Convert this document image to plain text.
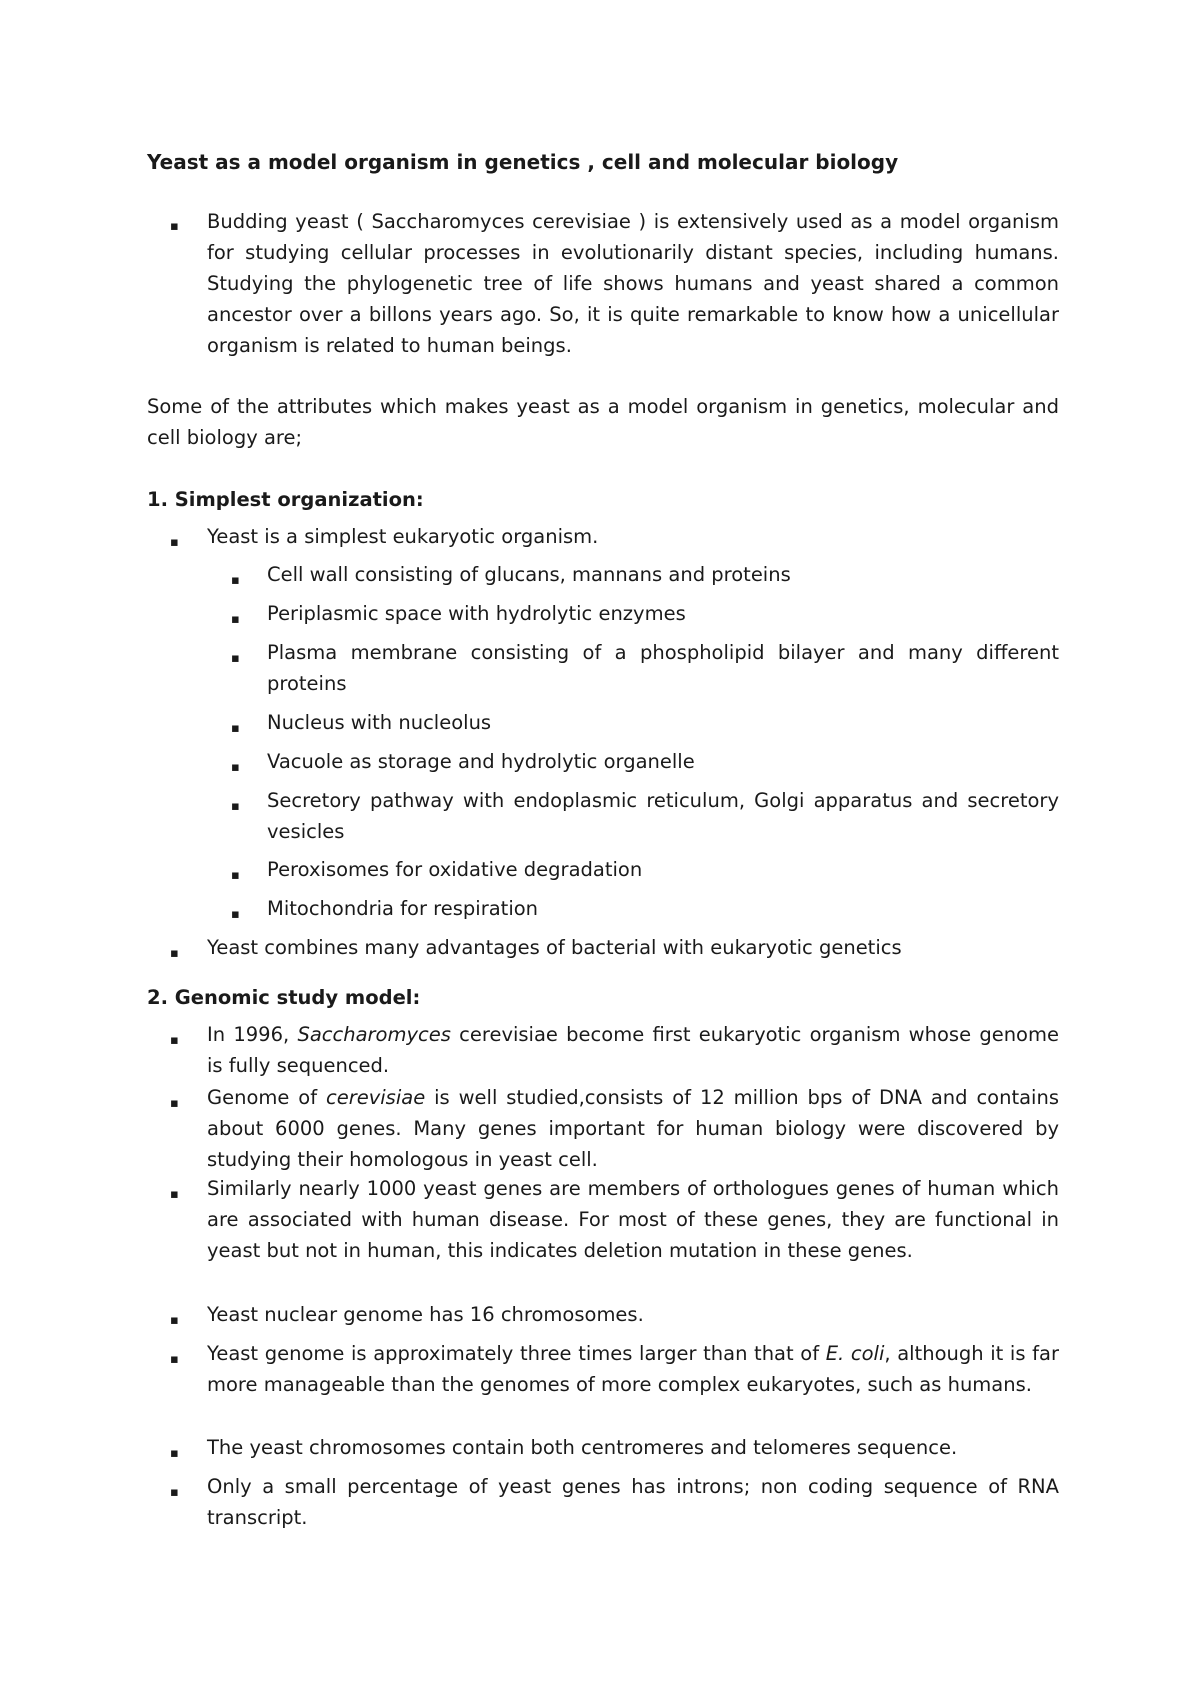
Yeast as a model organism in genetics , cell and molecular biology
▪ Budding yeast ( Saccharomyces cerevisiae ) is extensively used as a model organism for studying cellular processes in evolutionarily distant species, including humans. Studying the phylogenetic tree of life shows humans and yeast shared a common ancestor over a billons years ago. So, it is quite remarkable to know how a unicellular organism is related to human beings.
Some of the attributes which makes yeast as a model organism in genetics, molecular and cell biology are;
1. Simplest organization:
▪ Yeast is a simplest eukaryotic organism.
▪ Cell wall consisting of glucans, mannans and proteins
▪ Periplasmic space with hydrolytic enzymes
▪ Plasma membrane consisting of a phospholipid bilayer and many different proteins
▪ Nucleus with nucleolus
▪ Vacuole as storage and hydrolytic organelle
▪ Secretory pathway with endoplasmic reticulum, Golgi apparatus and secretory vesicles
▪ Peroxisomes for oxidative degradation
▪ Mitochondria for respiration
▪ Yeast combines many advantages of bacterial with eukaryotic genetics
2. Genomic study model:
▪ In 1996, Saccharomyces cerevisiae become first eukaryotic organism whose genome is fully sequenced.
▪ Genome of cerevisiae is well studied,consists of 12 million bps of DNA and contains about 6000 genes. Many genes important for human biology were discovered by studying their homologous in yeast cell.
▪ Similarly nearly 1000 yeast genes are members of orthologues genes of human which are associated with human disease. For most of these genes, they are functional in yeast but not in human, this indicates deletion mutation in these genes.
▪ Yeast nuclear genome has 16 chromosomes.
▪ Yeast genome is approximately three times larger than that of E. coli, although it is far more manageable than the genomes of more complex eukaryotes, such as humans.
▪ The yeast chromosomes contain both centromeres and telomeres sequence.
▪ Only a small percentage of yeast genes has introns; non coding sequence of RNA transcript.
